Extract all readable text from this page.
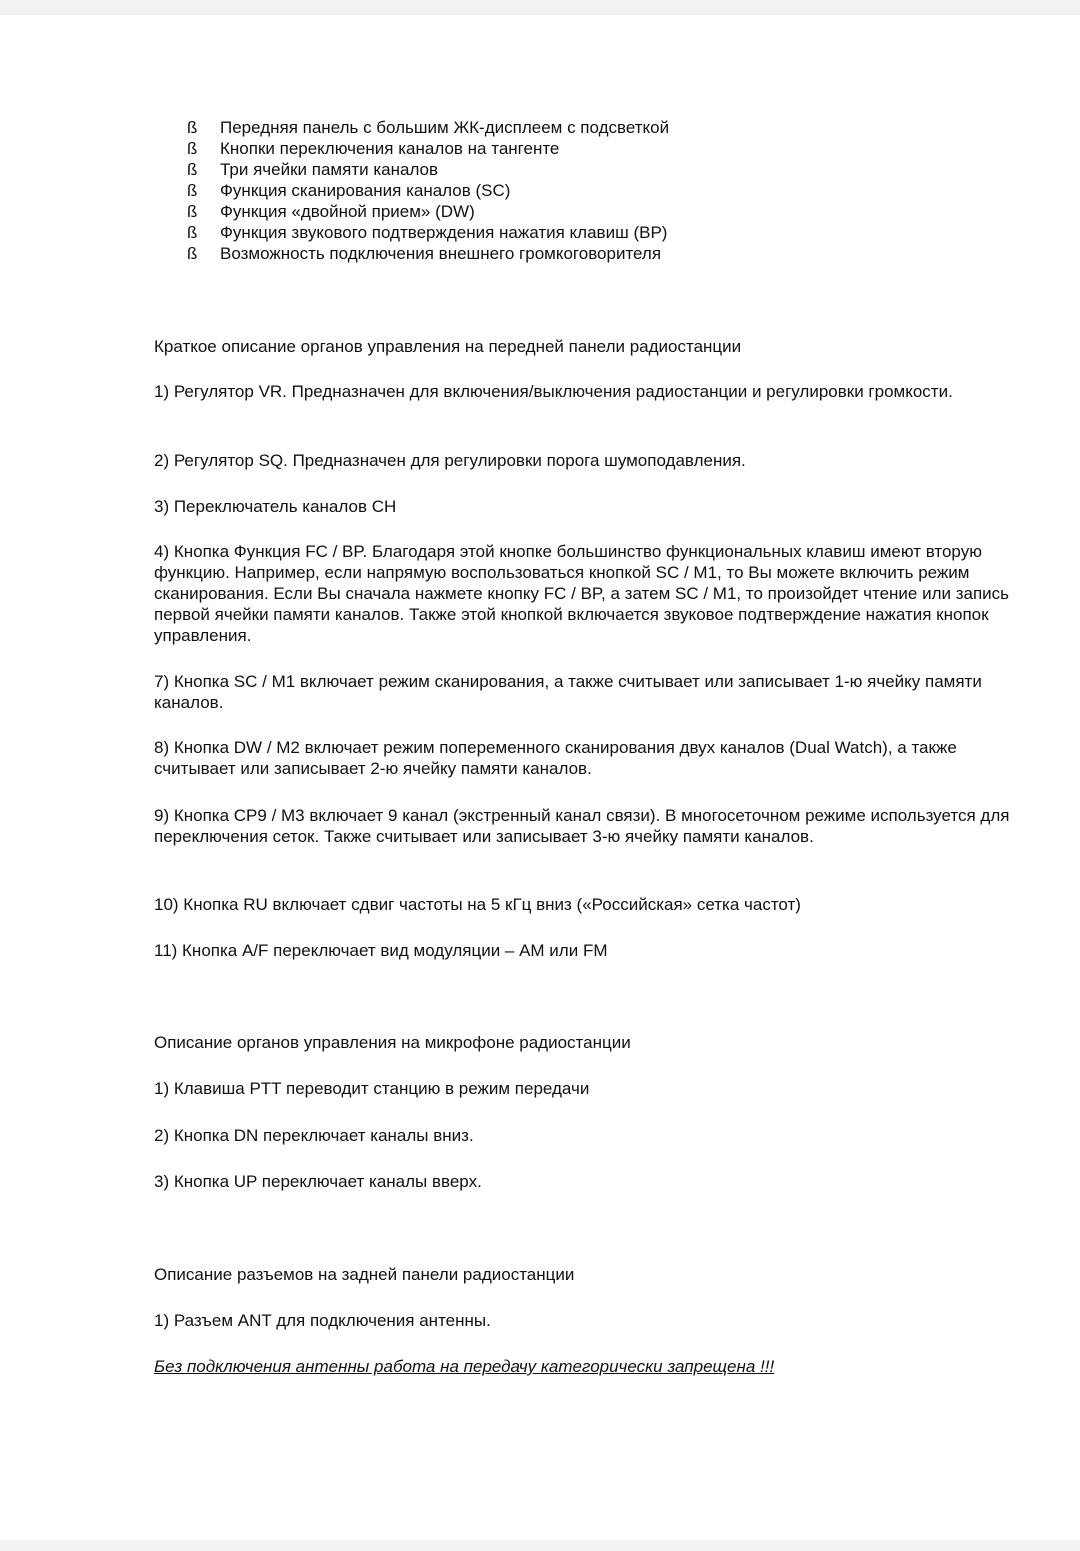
ß Передняя панель с большим ЖК-дисплеем с подсветкой
ß Кнопки переключения каналов на тангенте
ß Три ячейки памяти каналов
ß Функция сканирования каналов (SC)
ß Функция «двойной прием» (DW)
ß Функция звукового подтверждения нажатия клавиш (BP)
ß Возможность подключения внешнего громкоговорителя

Краткое описание органов управления на передней панели радиостанции

1) Регулятор VR. Предназначен для включения/выключения радиостанции и регулировки громкости.

2) Регулятор SQ. Предназначен для регулировки порога шумоподавления.

3) Переключатель каналов CH

4) Кнопка Функция FC / BP. Благодаря этой кнопке большинство функциональных клавиш имеют вторую функцию. Например, если напрямую воспользоваться кнопкой SC / M1, то Вы можете включить режим сканирования. Если Вы сначала нажмете кнопку FC / BP, а затем SC / M1, то произойдет чтение или запись первой ячейки памяти каналов. Также этой кнопкой включается звуковое подтверждение нажатия кнопок управления.

7) Кнопка SC / M1 включает режим сканирования, а также считывает или записывает 1-ю ячейку памяти каналов.

8) Кнопка DW / M2 включает режим попеременного сканирования двух каналов (Dual Watch), а также считывает или записывает 2-ю ячейку памяти каналов.

9) Кнопка CP9 / M3 включает 9 канал (экстренный канал связи). В многосеточном режиме используется для переключения сеток. Также считывает или записывает 3-ю ячейку памяти каналов.

10) Кнопка RU включает сдвиг частоты на 5 кГц вниз («Российская» сетка частот)

11) Кнопка A/F переключает вид модуляции – AM или FM

Описание органов управления на микрофоне радиостанции

1) Клавиша PTT переводит станцию в режим передачи

2) Кнопка DN переключает каналы вниз.

3) Кнопка UP переключает каналы вверх.

Описание разъемов на задней панели радиостанции

1) Разъем ANT для подключения антенны.

Без подключения антенны работа на передачу категорически запрещена !!!
